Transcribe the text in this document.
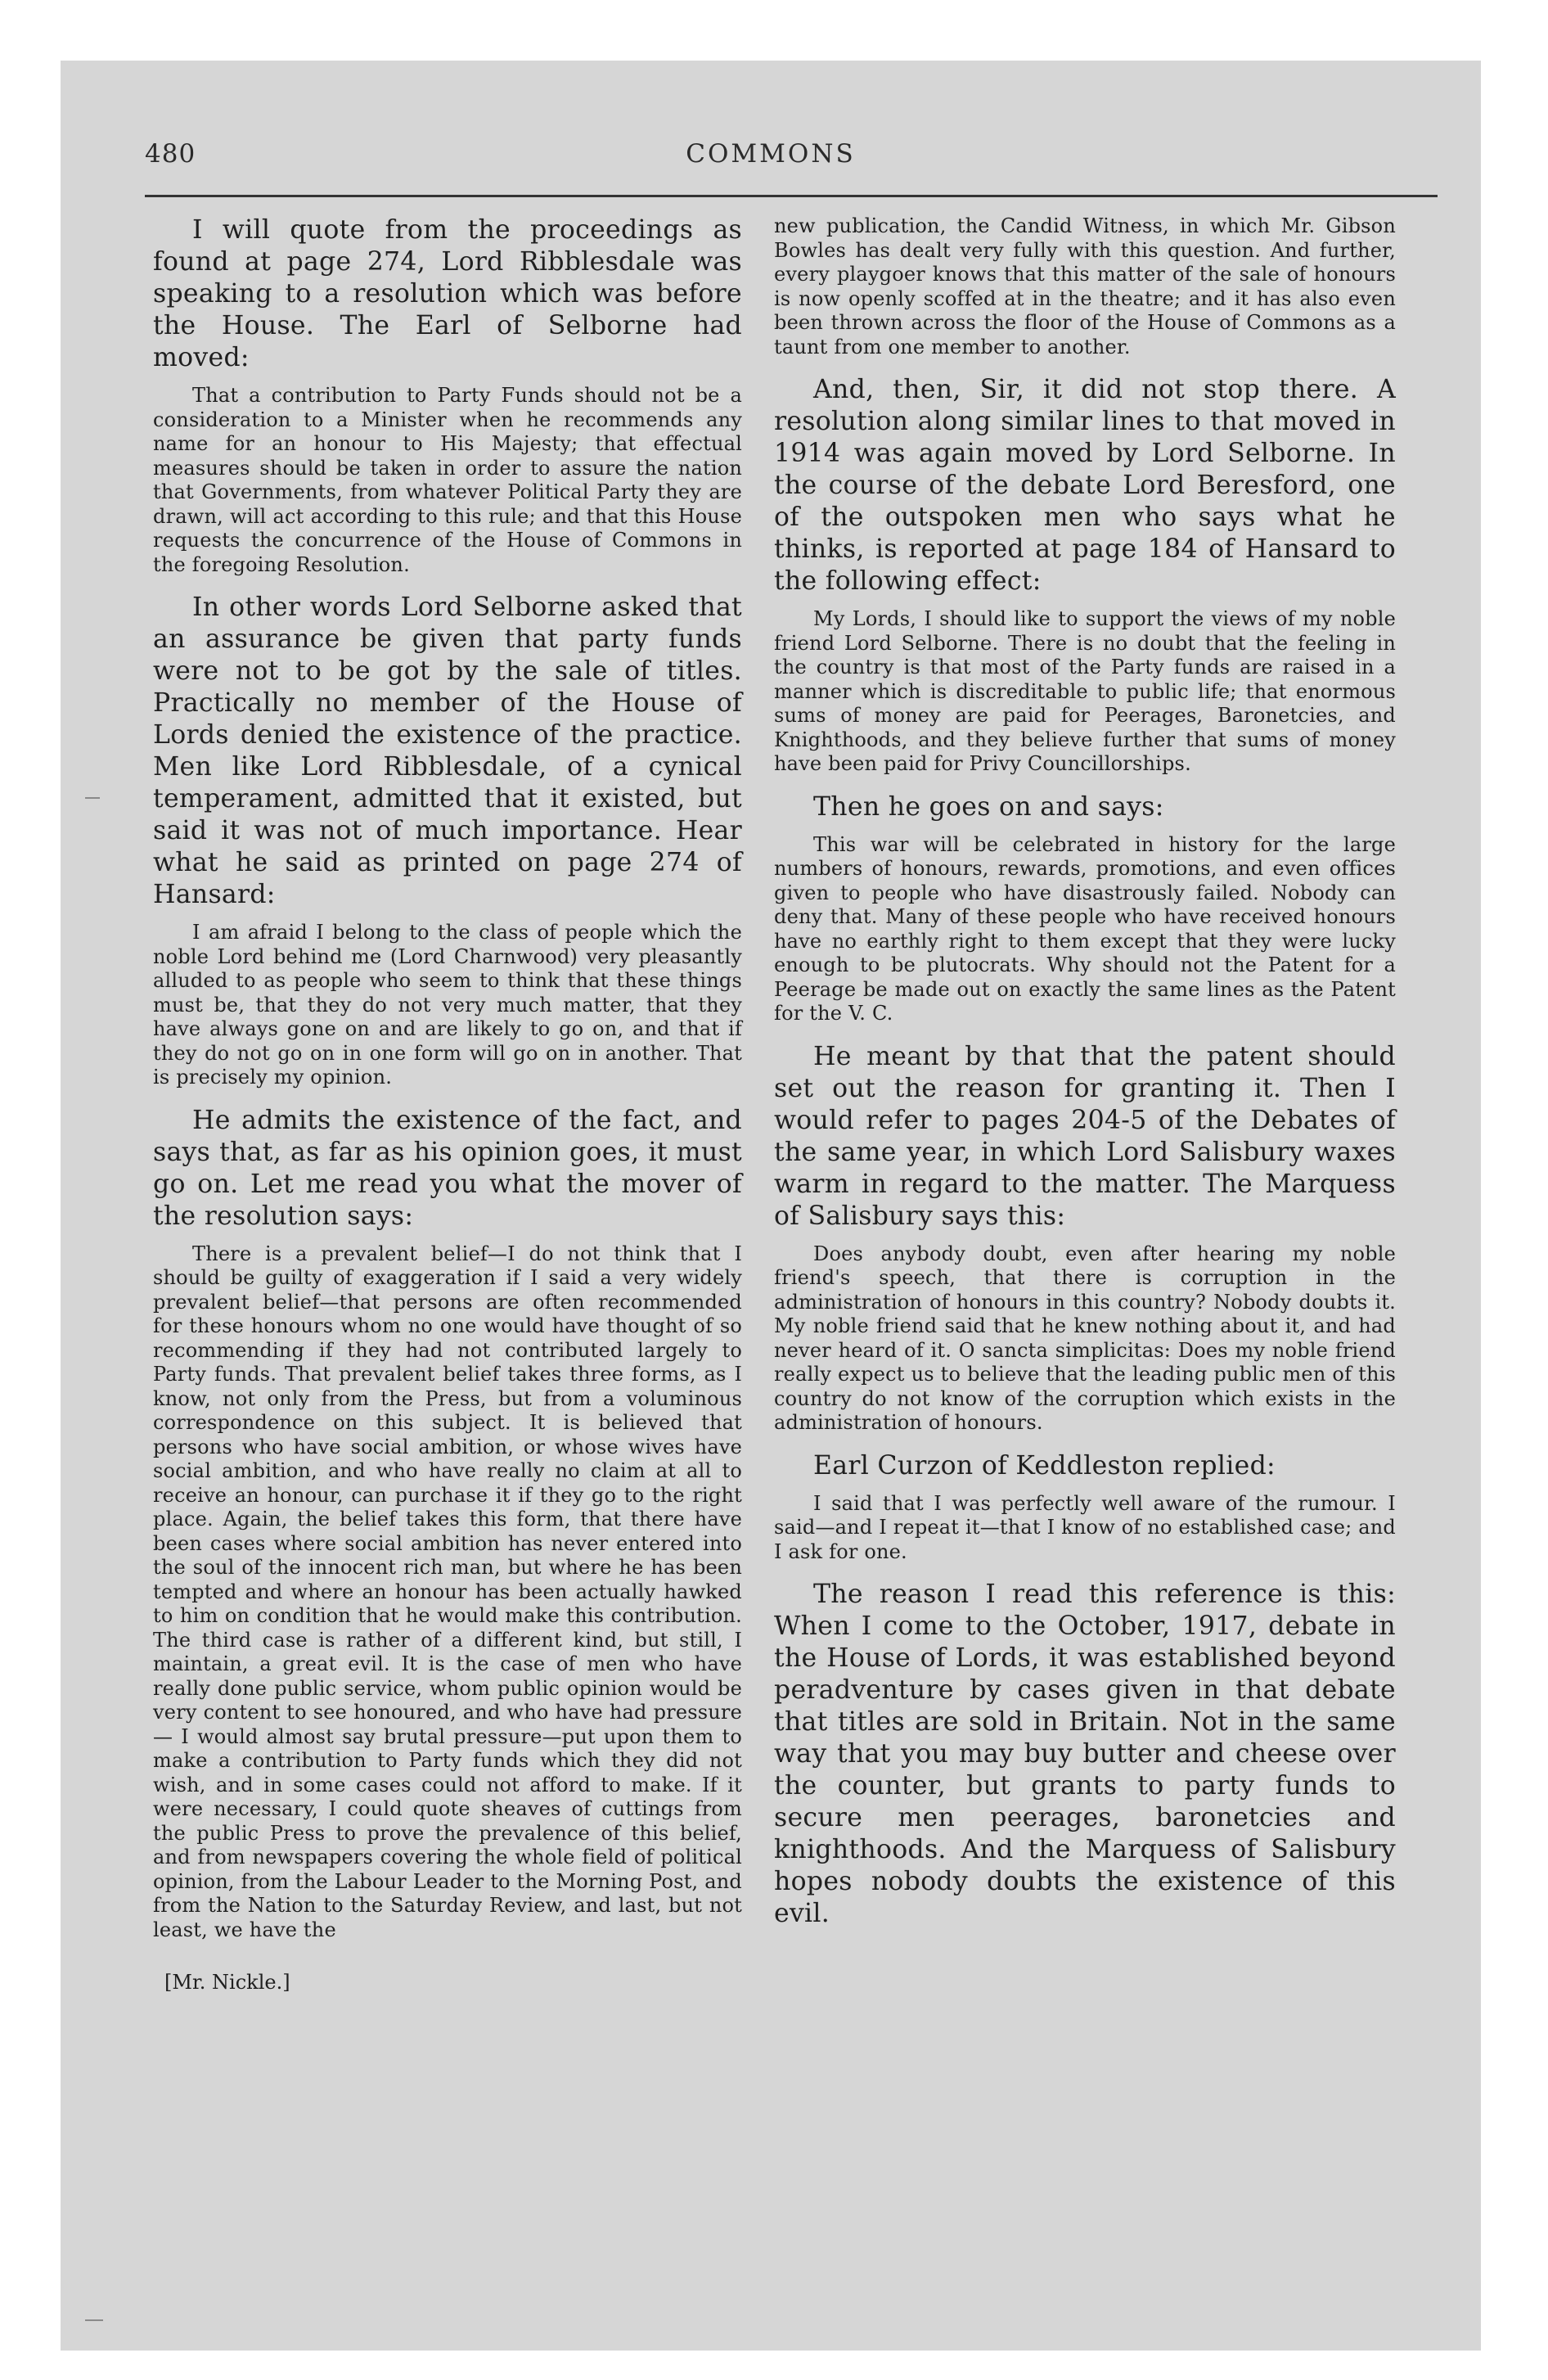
480	COMMONS

I will quote from the proceedings as found at page 274, Lord Ribblesdale was speaking to a resolution which was before the House. The Earl of Selborne had moved:

That a contribution to Party Funds should not be a consideration to a Minister when he recommends any name for an honour to His Majesty; that effectual measures should be taken in order to assure the nation that Governments, from whatever Political Party they are drawn, will act according to this rule; and that this House requests the concurrence of the House of Commons in the foregoing Resolution.

In other words Lord Selborne asked that an assurance be given that party funds were not to be got by the sale of titles. Practically no member of the House of Lords denied the existence of the practice. Men like Lord Ribblesdale, of a cynical temperament, admitted that it existed, but said it was not of much importance. Hear what he said as printed on page 274 of Hansard:

I am afraid I belong to the class of people which the noble Lord behind me (Lord Charnwood) very pleasantly alluded to as people who seem to think that these things must be, that they do not very much matter, that they have always gone on and are likely to go on, and that if they do not go on in one form will go on in another. That is precisely my opinion.

He admits the existence of the fact, and says that, as far as his opinion goes, it must go on. Let me read you what the mover of the resolution says:

There is a prevalent belief—I do not think that I should be guilty of exaggeration if I said a very widely prevalent belief—that persons are often recommended for these honours whom no one would have thought of so recommending if they had not contributed largely to Party funds. That prevalent belief takes three forms, as I know, not only from the Press, but from a voluminous correspondence on this subject. It is believed that persons who have social ambition, or whose wives have social ambition, and who have really no claim at all to receive an honour, can purchase it if they go to the right place. Again, the belief takes this form, that there have been cases where social ambition has never entered into the soul of the innocent rich man, but where he has been tempted and where an honour has been actually hawked to him on condition that he would make this contribution. The third case is rather of a different kind, but still, I maintain, a great evil. It is the case of men who have really done public service, whom public opinion would be very content to see honoured, and who have had pressure— I would almost say brutal pressure—put upon them to make a contribution to Party funds which they did not wish, and in some cases could not afford to make. If it were necessary, I could quote sheaves of cuttings from the public Press to prove the prevalence of this belief, and from newspapers covering the whole field of political opinion, from the Labour Leader to the Morning Post, and from the Nation to the Saturday Review, and last, but not least, we have the

[Mr. Nickle.]

new publication, the Candid Witness, in which Mr. Gibson Bowles has dealt very fully with this question. And further, every playgoer knows that this matter of the sale of honours is now openly scoffed at in the theatre; and it has also even been thrown across the floor of the House of Commons as a taunt from one member to another.

And, then, Sir, it did not stop there. A resolution along similar lines to that moved in 1914 was again moved by Lord Selborne. In the course of the debate Lord Beresford, one of the outspoken men who says what he thinks, is reported at page 184 of Hansard to the following effect:

My Lords, I should like to support the views of my noble friend Lord Selborne. There is no doubt that the feeling in the country is that most of the Party funds are raised in a manner which is discreditable to public life; that enormous sums of money are paid for Peerages, Baronetcies, and Knighthoods, and they believe further that sums of money have been paid for Privy Councillorships.

Then he goes on and says:

This war will be celebrated in history for the large numbers of honours, rewards, promotions, and even offices given to people who have disastrously failed. Nobody can deny that. Many of these people who have received honours have no earthly right to them except that they were lucky enough to be plutocrats. Why should not the Patent for a Peerage be made out on exactly the same lines as the Patent for the V. C.

He meant by that that the patent should set out the reason for granting it. Then I would refer to pages 204-5 of the Debates of the same year, in which Lord Salisbury waxes warm in regard to the matter. The Marquess of Salisbury says this:

Does anybody doubt, even after hearing my noble friend's speech, that there is corruption in the administration of honours in this country? Nobody doubts it. My noble friend said that he knew nothing about it, and had never heard of it. O sancta simplicitas: Does my noble friend really expect us to believe that the leading public men of this country do not know of the corruption which exists in the administration of honours.

Earl Curzon of Keddleston replied:

I said that I was perfectly well aware of the rumour. I said—and I repeat it—that I know of no established case; and I ask for one.

The reason I read this reference is this: When I come to the October, 1917, debate in the House of Lords, it was established beyond peradventure by cases given in that debate that titles are sold in Britain. Not in the same way that you may buy butter and cheese over the counter, but grants to party funds to secure men peerages, baronetcies and knighthoods. And the Marquess of Salisbury hopes nobody doubts the existence of this evil.
